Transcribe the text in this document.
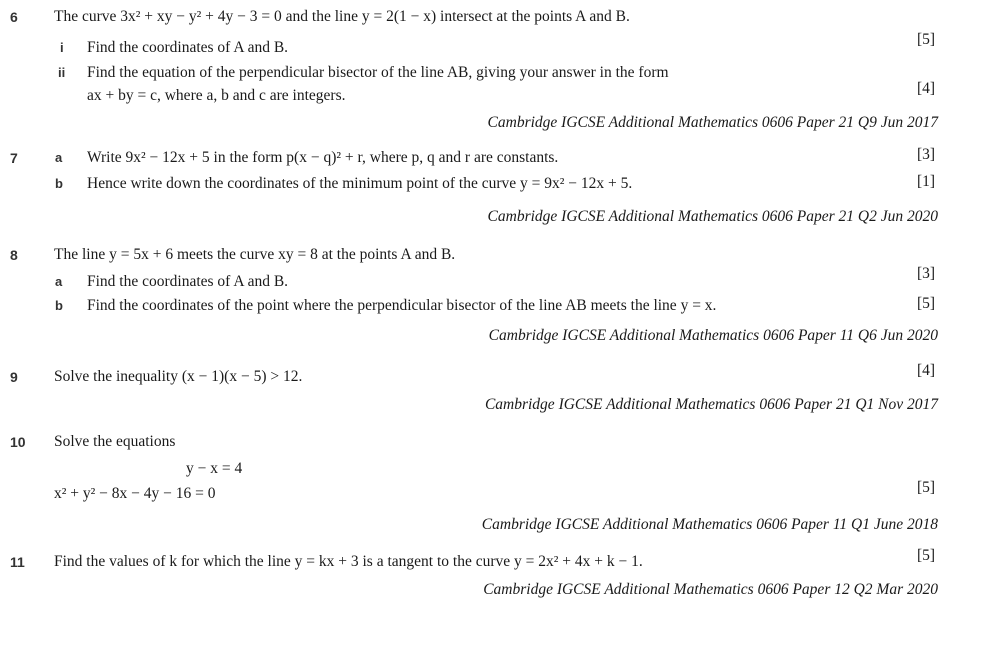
6 The curve 3x² + xy − y² + 4y − 3 = 0 and the line y = 2(1 − x) intersect at the points A and B.
i Find the coordinates of A and B.	[5]
ii Find the equation of the perpendicular bisector of the line AB, giving your answer in the form
ax + by = c, where a, b and c are integers.	[4]
Cambridge IGCSE Additional Mathematics 0606 Paper 21 Q9 Jun 2017
7	a Write 9x² − 12x + 5 in the form p(x − q)² + r, where p, q and r are constants.	[3]
b Hence write down the coordinates of the minimum point of the curve y = 9x² − 12x + 5.	[1]
Cambridge IGCSE Additional Mathematics 0606 Paper 21 Q2 Jun 2020
8 The line y = 5x + 6 meets the curve xy = 8 at the points A and B.
a Find the coordinates of A and B.	[3]
b Find the coordinates of the point where the perpendicular bisector of the line AB meets the line y = x.	[5]
Cambridge IGCSE Additional Mathematics 0606 Paper 11 Q6 Jun 2020
9 Solve the inequality (x − 1)(x − 5) > 12.	[4]
Cambridge IGCSE Additional Mathematics 0606 Paper 21 Q1 Nov 2017
10 Solve the equations
y − x = 4
x² + y² − 8x − 4y − 16 = 0	[5]
Cambridge IGCSE Additional Mathematics 0606 Paper 11 Q1 June 2018
11 Find the values of k for which the line y = kx + 3 is a tangent to the curve y = 2x² + 4x + k − 1.	[5]
Cambridge IGCSE Additional Mathematics 0606 Paper 12 Q2 Mar 2020
